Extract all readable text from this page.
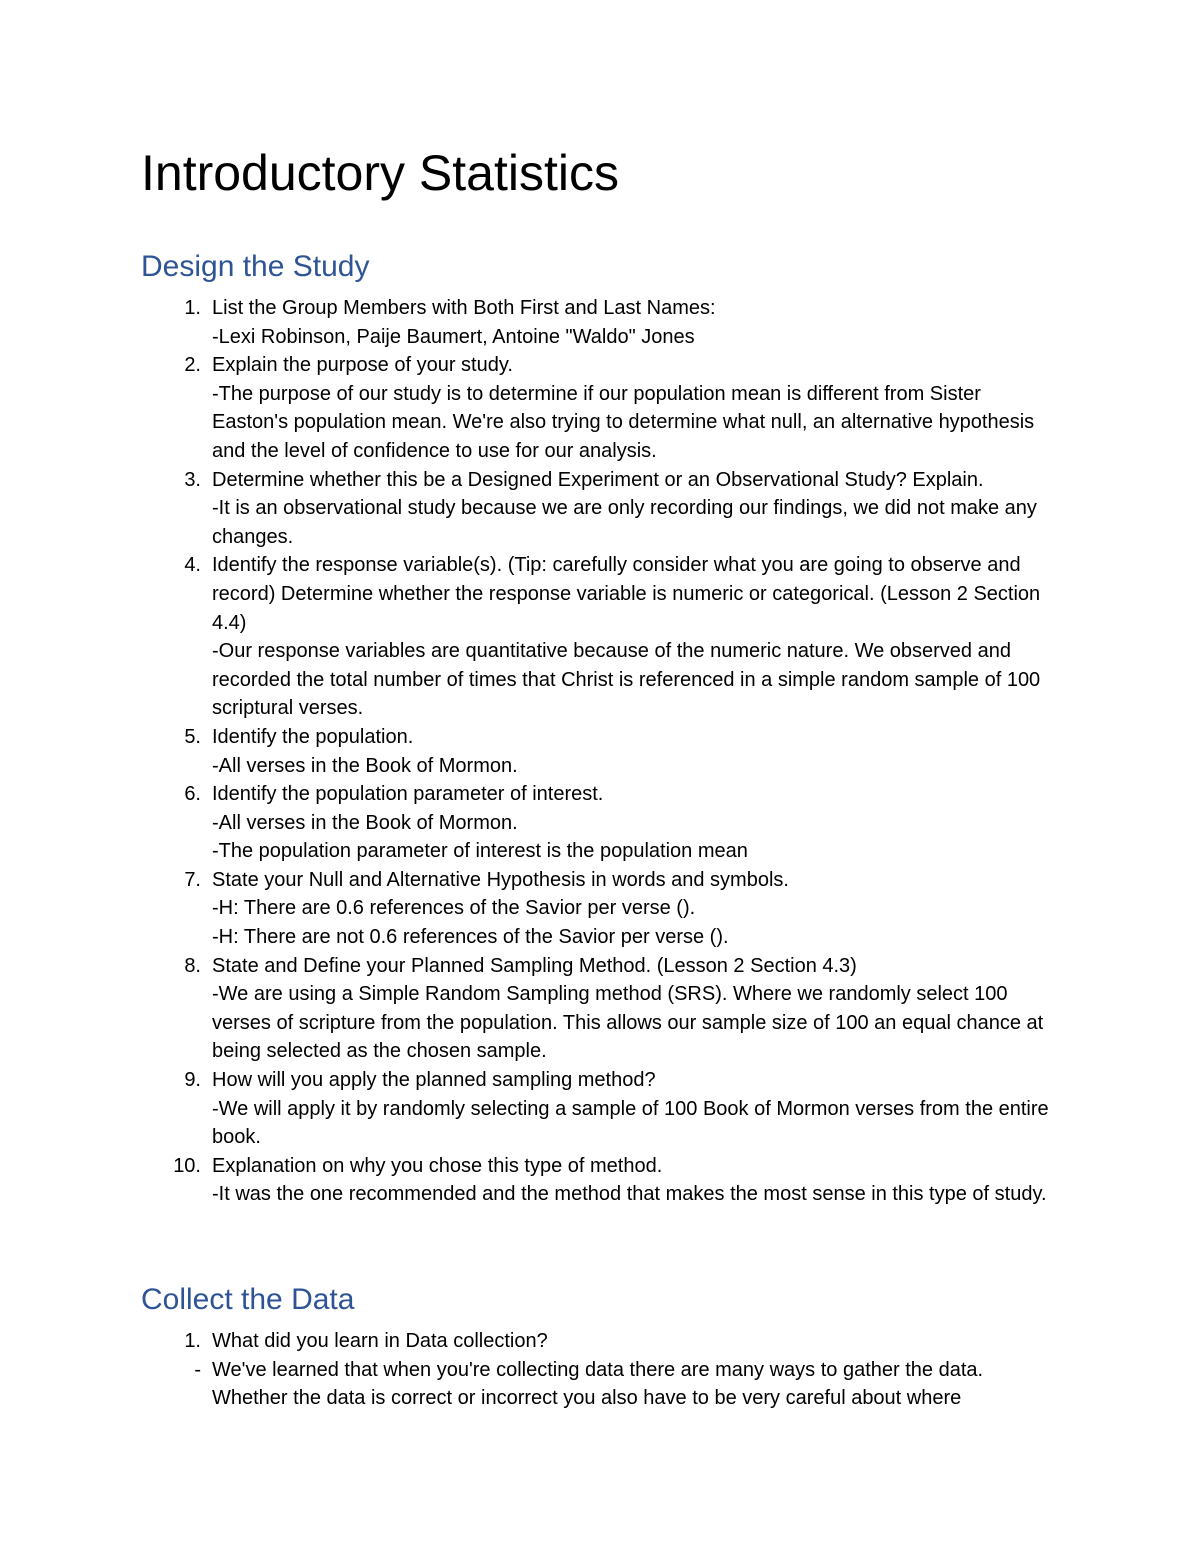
Introductory Statistics
Design the Study
1. List the Group Members with Both First and Last Names:
-Lexi Robinson, Paije Baumert, Antoine "Waldo" Jones
2. Explain the purpose of your study.
-The purpose of our study is to determine if our population mean is different from Sister Easton's population mean. We're also trying to determine what null, an alternative hypothesis and the level of confidence to use for our analysis.
3. Determine whether this be a Designed Experiment or an Observational Study? Explain.
-It is an observational study because we are only recording our findings, we did not make any changes.
4. Identify the response variable(s). (Tip: carefully consider what you are going to observe and record) Determine whether the response variable is numeric or categorical. (Lesson 2 Section 4.4)
-Our response variables are quantitative because of the numeric nature. We observed and recorded the total number of times that Christ is referenced in a simple random sample of 100 scriptural verses.
5. Identify the population.
-All verses in the Book of Mormon.
6. Identify the population parameter of interest.
-All verses in the Book of Mormon.
-The population parameter of interest is the population mean
7. State your Null and Alternative Hypothesis in words and symbols.
-H: There are 0.6 references of the Savior per verse ().
-H: There are not 0.6 references of the Savior per verse ().
8. State and Define your Planned Sampling Method. (Lesson 2 Section 4.3)
-We are using a Simple Random Sampling method (SRS). Where we randomly select 100 verses of scripture from the population. This allows our sample size of 100 an equal chance at being selected as the chosen sample.
9. How will you apply the planned sampling method?
-We will apply it by randomly selecting a sample of 100 Book of Mormon verses from the entire book.
10. Explanation on why you chose this type of method.
-It was the one recommended and the method that makes the most sense in this type of study.
Collect the Data
1. What did you learn in Data collection?
- We've learned that when you're collecting data there are many ways to gather the data. Whether the data is correct or incorrect you also have to be very careful about where
